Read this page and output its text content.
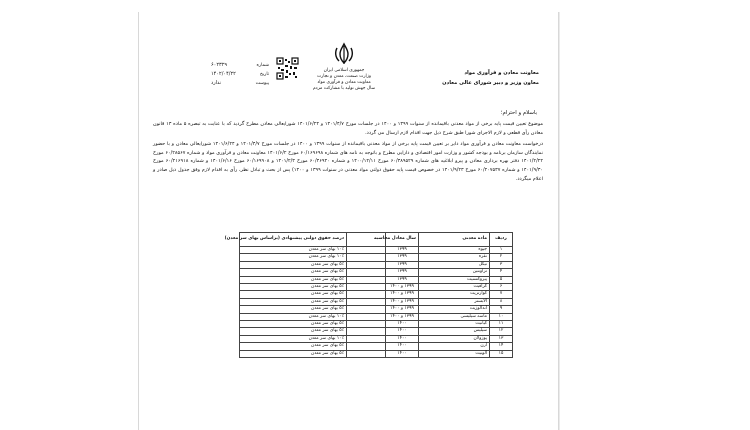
معاونت معادن و فرآوری مواد
معاون وزیر و دبیر شورای عالی معادن
جمهوری اسلامی ایران
وزارت صنعت، معدن و تجارت
معاونت معادن و فرآوری مواد
سال جهش تولید با مشارکت مردم
شماره
۶۰۲۳۲۹
تاریخ
۱۴۰۲/۰۴/۲۲
پیوست
ندارد
باسلام و احترام؛
موضوع تعیین قیمت پایه برخی از مواد معدنی باقیمانده از سنوات ۱۳۹۹ و ۱۴۰۰ در جلسات مورخ ۱۴۰۱/۴/۷ و ۱۴۰۱/۶/۲۴ شورایعالی معادن مطرح گردید که با عنایت به تبصره ۵ ماده ۱۳ قانون معادن رأی قطعی و لازم الاجرای شورا طبق شرح ذیل جهت اقدام لازم ارسال می گردد.
درخواست معاونت معادن و فرآوری مواد دایر بر تعیین قیمت پایه برخی از مواد معدنی باقیمانده از سنوات ۱۳۹۹ و ۱۴۰۰ در جلسات مورخ ۱۴۰۱/۴/۷ و ۱۴۰۱/۶/۲۴ شورایعالی معادن و با حضور نمایندگان سازمان برنامه و بودجه کشور و وزارت امور اقتصادی و دارایی مطرح و باتوجه به نامه های شماره ۶۰/۱۶۹۶۹۸ مورخ ۱۴۰۱/۶/۲ معاونت معادن و فرآوری مواد و شماره ۶۰/۲۸۵۶۷ مورخ ۱۴۰۱/۲/۲۲ دفتر بهره برداری معادن و پیرو ابلاغیه های شماره ۶۰/۳۸۹۵۲۹ مورخ ۱۴۰۰/۱۲/۱۱ و شماره ۶۰/۴۶۹۴۰ مورخ ۱۴۰۱/۲/۳ و ۶۰/۱۶۹۹۰۸ مورخ ۱۴۰۱/۶/۱۶ و شماره ۶۰/۲۱۶۹۱۸ مورخ ۱۴۰۱/۹/۳۰ و شماره ۶۰/۲۰۷۵۳۷ مورخ ۱۴۰۱/۹/۲۳ در خصوص قیمت پایه حقوق دولتی مواد معدنی در سنوات ۱۳۹۹ و ۱۴۰۰) پس از بحث و تبادل نظر، رأی به اقدام لازم وفق جدول ذیل صادر و اعلام میگردد.
ردیف	ماده معدنی	سال معادل محاسبه		درصد حقوق دولتی پیشنهادی (براساس بهای سر معدن)
۱	جیوه	۱۳۹۹		۱۰٪ بهای سر معدن
۲	نقره	۱۳۹۹		۱۰٪ بهای سر معدن
۳	نیکل	۱۳۹۹		۵٪ بهای سر معدن
۴	تراونتین	۱۳۹۹		۵٪ بهای سر معدن
۵	پیروکسنیت	۱۳۹۹		۵٪ بهای سر معدن
۶	گرافیت	۱۳۹۹ و ۱۴۰۰		۵٪ بهای سر معدن
۷	کوارتزیت	۱۳۹۹ و ۱۴۰۰		۵٪ بهای سر معدن
۸	آلابستر	۱۳۹۹ و ۱۴۰۰		۵٪ بهای سر معدن
۹	آندالوزیت	۱۳۹۹ و ۱۴۰۰		۵٪ بهای سر معدن
۱۰	ماسه سیلیسی	۱۳۹۹ و ۱۴۰۰		۱۰٪ بهای سر معدن
۱۱	کیانیت	۱۴۰۰		۵٪ بهای سر معدن
۱۲	سیلیس	۱۴۰۰		۵٪ بهای سر معدن
۱۳	پوزولان	۱۴۰۰		۱۰٪ بهای سر معدن
۱۴	آرن	۱۴۰۰		۵٪ بهای سر معدن
۱۵	آلونیت	۱۴۰۰		۵٪ بهای سر معدن
